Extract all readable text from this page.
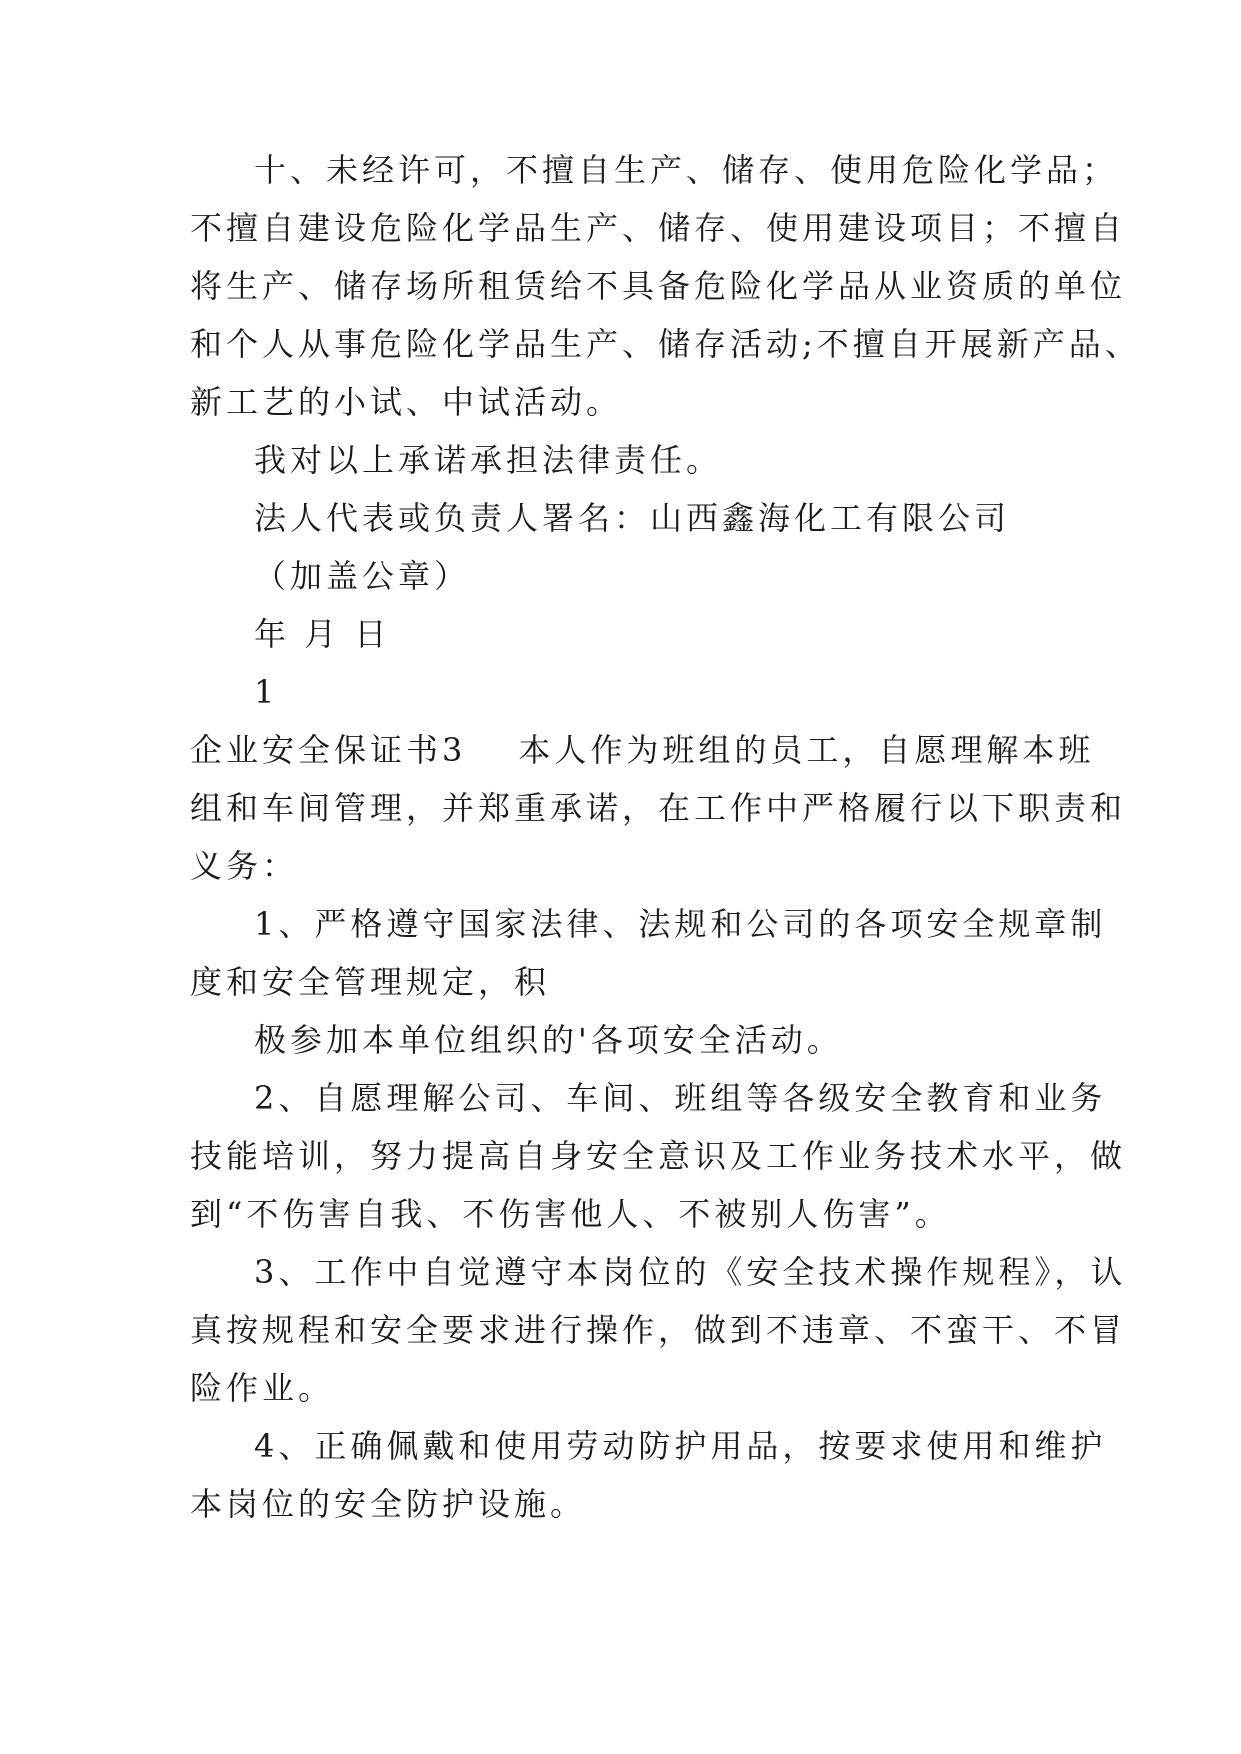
十、未经许可，不擅自生产、储存、使用危险化学品；
不擅自建设危险化学品生产、储存、使用建设项目；不擅自
将生产、储存场所租赁给不具备危险化学品从业资质的单位
和个人从事危险化学品生产、储存活动;不擅自开展新产品、
新工艺的小试、中试活动。
我对以上承诺承担法律责任。
法人代表或负责人署名：山西鑫海化工有限公司
（加盖公章）
年 月 日
1
企业安全保证书3 本人作为班组的员工，自愿理解本班
组和车间管理，并郑重承诺，在工作中严格履行以下职责和
义务：
1、严格遵守国家法律、法规和公司的各项安全规章制
度和安全管理规定，积
极参加本单位组织的'各项安全活动。
2、自愿理解公司、车间、班组等各级安全教育和业务
技能培训，努力提高自身安全意识及工作业务技术水平，做
到“不伤害自我、不伤害他人、不被别人伤害”。
3、工作中自觉遵守本岗位的《安全技术操作规程》，认
真按规程和安全要求进行操作，做到不违章、不蛮干、不冒
险作业。
4、正确佩戴和使用劳动防护用品，按要求使用和维护
本岗位的安全防护设施。
